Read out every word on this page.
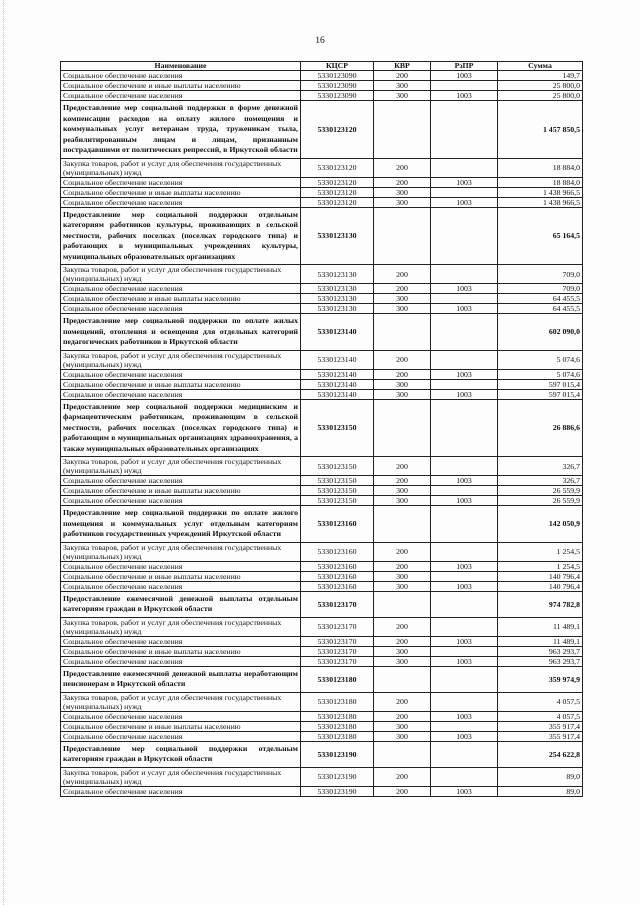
16
Наименование	КЦСР	КВР	РзПР	Сумма
Социальное обеспечение населения	5330123090	200	1003	149,7
Социальное обеспечение и иные выплаты населению	5330123090	300		25 800,0
Социальное обеспечение населения	5330123090	300	1003	25 800,0
Предоставление мер социальной поддержки в форме денежной компенсации расходов на оплату жилого помещения и коммунальных услуг ветеранам труда, труженикам тыла, реабилитированным лицам и лицам, признанным пострадавшими от политических репрессий, в Иркутской области	5330123120			1 457 850,5
Закупка товаров, работ и услуг для обеспечения государственных (муниципальных) нужд	5330123120	200		18 884,0
Социальное обеспечение населения	5330123120	200	1003	18 884,0
Социальное обеспечение и иные выплаты населению	5330123120	300		1 438 966,5
Социальное обеспечение населения	5330123120	300	1003	1 438 966,5
Предоставление мер социальной поддержки отдельным категориям работников культуры, проживающих в сельской местности, рабочих поселках (поселках городского типа) и работающих в муниципальных учреждениях культуры, муниципальных образовательных организациях	5330123130			65 164,5
Закупка товаров, работ и услуг для обеспечения государственных (муниципальных) нужд	5330123130	200		709,0
Социальное обеспечение населения	5330123130	200	1003	709,0
Социальное обеспечение и иные выплаты населению	5330123130	300		64 455,5
Социальное обеспечение населения	5330123130	300	1003	64 455,5
Предоставление мер социальной поддержки по оплате жилых помещений, отопления и освещения для отдельных категорий педагогических работников в Иркутской области	5330123140			602 090,0
Закупка товаров, работ и услуг для обеспечения государственных (муниципальных) нужд	5330123140	200		5 074,6
Социальное обеспечение населения	5330123140	200	1003	5 074,6
Социальное обеспечение и иные выплаты населению	5330123140	300		597 015,4
Социальное обеспечение населения	5330123140	300	1003	597 015,4
Предоставление мер социальной поддержки медицинским и фармацевтическим работникам, проживающим в сельской местности, рабочих поселках (поселках городского типа) и работающим в муниципальных организациях здравоохранения, а также муниципальных образовательных организациях	5330123150			26 886,6
Закупка товаров, работ и услуг для обеспечения государственных (муниципальных) нужд	5330123150	200		326,7
Социальное обеспечение населения	5330123150	200	1003	326,7
Социальное обеспечение и иные выплаты населению	5330123150	300		26 559,9
Социальное обеспечение населения	5330123150	300	1003	26 559,9
Предоставление мер социальной поддержки по оплате жилого помещения и коммунальных услуг отдельным категориям работников государственных учреждений Иркутской области	5330123160			142 050,9
Закупка товаров, работ и услуг для обеспечения государственных (муниципальных) нужд	5330123160	200		1 254,5
Социальное обеспечение населения	5330123160	200	1003	1 254,5
Социальное обеспечение и иные выплаты населению	5330123160	300		140 796,4
Социальное обеспечение населения	5330123160	300	1003	140 796,4
Предоставление ежемесячной денежной выплаты отдельным категориям граждан в Иркутской области	5330123170			974 782,8
Закупка товаров, работ и услуг для обеспечения государственных (муниципальных) нужд	5330123170	200		11 489,1
Социальное обеспечение населения	5330123170	200	1003	11 489,1
Социальное обеспечение и иные выплаты населению	5330123170	300		963 293,7
Социальное обеспечение населения	5330123170	300	1003	963 293,7
Предоставление ежемесячной денежной выплаты неработающим пенсионерам в Иркутской области	5330123180			359 974,9
Закупка товаров, работ и услуг для обеспечения государственных (муниципальных) нужд	5330123180	200		4 057,5
Социальное обеспечение населения	5330123180	200	1003	4 057,5
Социальное обеспечение и иные выплаты населению	5330123180	300		355 917,4
Социальное обеспечение населения	5330123180	300	1003	355 917,4
Предоставление мер социальной поддержки отдельным категориям граждан в Иркутской области	5330123190			254 622,8
Закупка товаров, работ и услуг для обеспечения государственных (муниципальных) нужд	5330123190	200		89,0
Социальное обеспечение населения	5330123190	200	1003	89,0
